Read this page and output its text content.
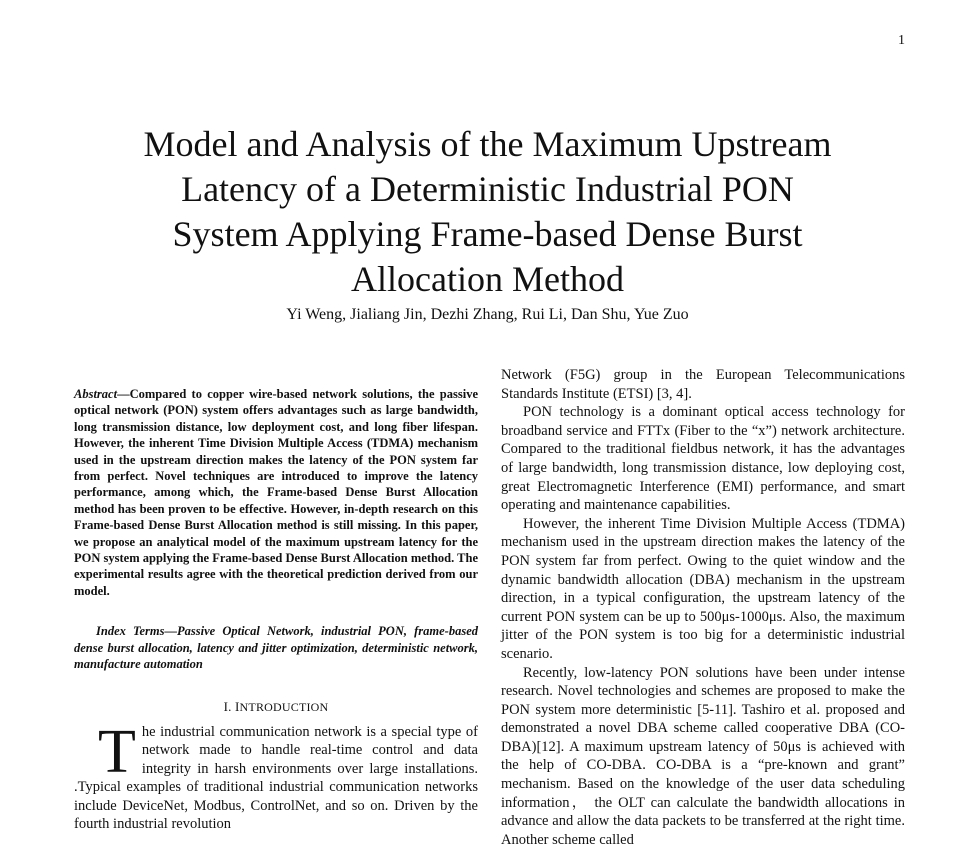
1
Model and Analysis of the Maximum Upstream
Latency of a Deterministic Industrial PON
System Applying Frame-based Dense Burst
Allocation Method
Yi Weng, Jialiang Jin, Dezhi Zhang, Rui Li, Dan Shu, Yue Zuo

Abstract—Compared to copper wire-based network solutions, the passive optical network (PON) system offers advantages such as large bandwidth, long transmission distance, low deployment cost, and long fiber lifespan. However, the inherent Time Division Multiple Access (TDMA) mechanism used in the upstream direction makes the latency of the PON system far from perfect. Novel techniques are introduced to improve the latency performance, among which, the Frame-based Dense Burst Allocation method has been proven to be effective. However, in-depth research on this Frame-based Dense Burst Allocation method is still missing. In this paper, we propose an analytical model of the maximum upstream latency for the PON system applying the Frame-based Dense Burst Allocation method. The experimental results agree with the theoretical prediction derived from our model.

Index Terms—Passive Optical Network, industrial PON, frame-based dense burst allocation, latency and jitter optimization, deterministic network, manufacture automation

I. INTRODUCTION

The industrial communication network is a special type of network made to handle real-time control and data integrity in harsh environments over large installations. .Typical examples of traditional industrial communication networks include DeviceNet, Modbus, ControlNet, and so on. Driven by the fourth industrial revolution

Network (F5G) group in the European Telecommunications Standards Institute (ETSI) [3, 4].

PON technology is a dominant optical access technology for broadband service and FTTx (Fiber to the “x”) network architecture. Compared to the traditional fieldbus network, it has the advantages of large bandwidth, long transmission distance, low deploying cost, great Electromagnetic Interference (EMI) performance, and smart operating and maintenance capabilities.

However, the inherent Time Division Multiple Access (TDMA) mechanism used in the upstream direction makes the latency of the PON system far from perfect. Owing to the quiet window and the dynamic bandwidth allocation (DBA) mechanism in the upstream direction, in a typical configuration, the upstream latency of the current PON system can be up to 500μs-1000μs. Also, the maximum jitter of the PON system is too big for a deterministic industrial scenario.

Recently, low-latency PON solutions have been under intense research. Novel technologies and schemes are proposed to make the PON system more deterministic [5-11]. Tashiro et al. proposed and demonstrated a novel DBA scheme called cooperative DBA (CO-DBA)[12]. A maximum upstream latency of 50μs is achieved with the help of CO-DBA. CO-DBA is a “pre-known and grant” mechanism. Based on the knowledge of the user data scheduling information， the OLT can calculate the bandwidth allocations in advance and allow the data packets to be transferred at the right time. Another scheme called
